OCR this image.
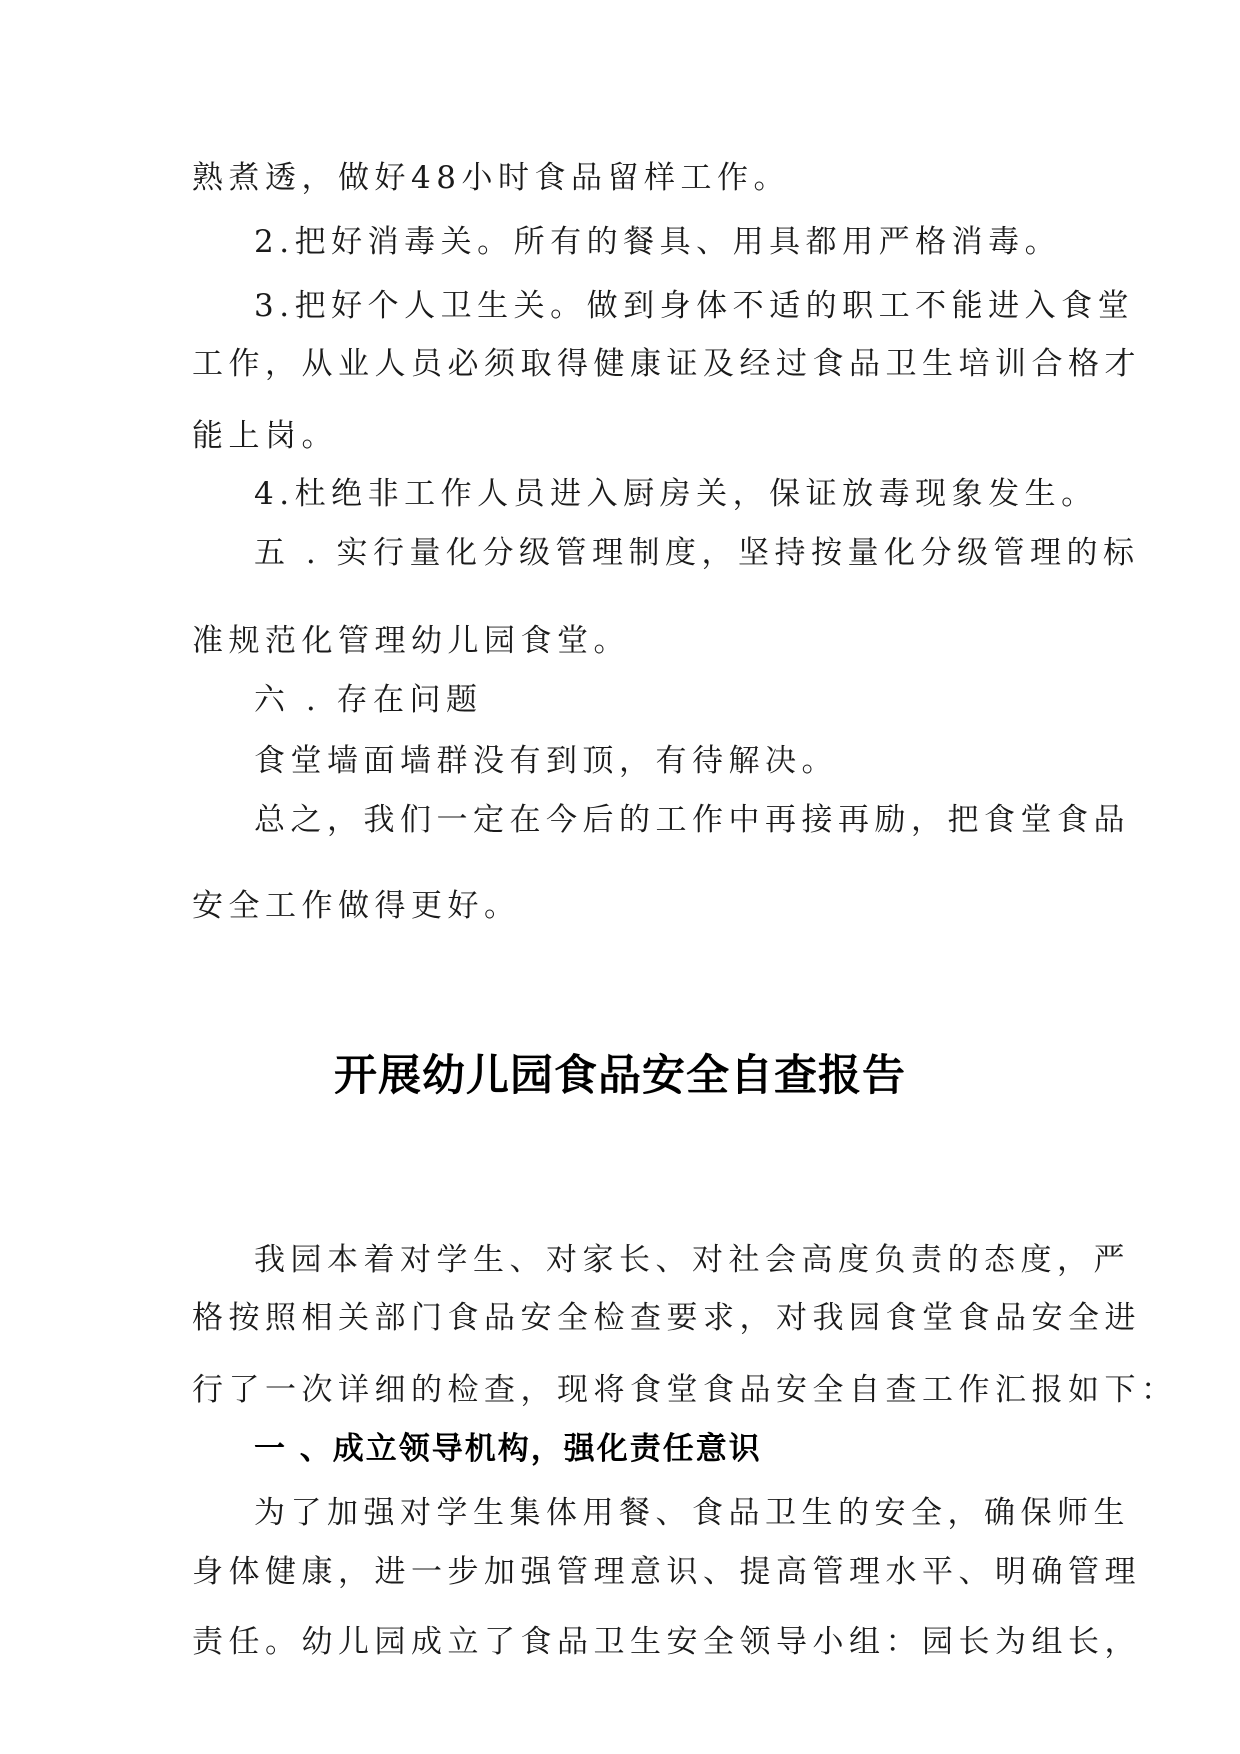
熟煮透，做好48小时食品留样工作。
2.把好消毒关。所有的餐具、用具都用严格消毒。
3.把好个人卫生关。做到身体不适的职工不能进入食堂
工作，从业人员必须取得健康证及经过食品卫生培训合格才
能上岗。
4.杜绝非工作人员进入厨房关，保证放毒现象发生。
五 . 实行量化分级管理制度，坚持按量化分级管理的标
准规范化管理幼儿园食堂。
六 . 存在问题
食堂墙面墙群没有到顶，有待解决。
总之，我们一定在今后的工作中再接再励，把食堂食品
安全工作做得更好。
开展幼儿园食品安全自查报告
我园本着对学生、对家长、对社会高度负责的态度，严
格按照相关部门食品安全检查要求，对我园食堂食品安全进
行了一次详细的检查，现将食堂食品安全自查工作汇报如下：
一 、成立领导机构，强化责任意识
为了加强对学生集体用餐、食品卫生的安全，确保师生
身体健康，进一步加强管理意识、提高管理水平、明确管理
责任。幼儿园成立了食品卫生安全领导小组：园长为组长，
